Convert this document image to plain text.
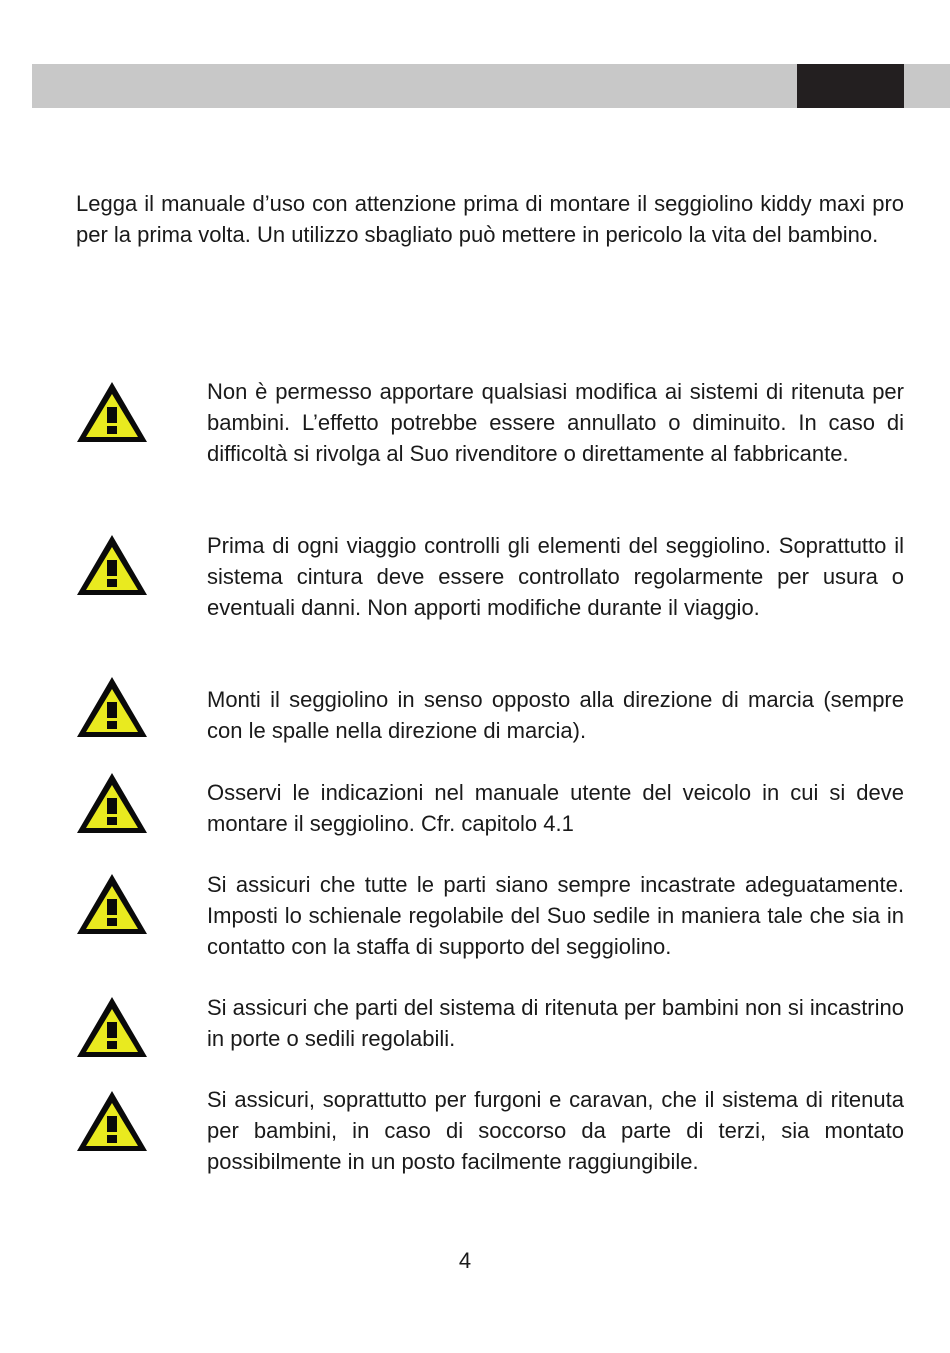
Legga il manuale d’uso con attenzione prima di montare il seggiolino kiddy maxi pro per la prima volta. Un utilizzo sbagliato può mettere in pericolo la vita del bambino.

Non è permesso apportare qualsiasi modifica ai sistemi di ritenuta per bambini. L’effetto potrebbe essere annullato o diminuito. In caso di difficoltà si rivolga al Suo rivenditore o direttamente al fabbricante.

Prima di ogni viaggio controlli gli elementi del seggiolino. Soprattutto il sistema cintura deve essere controllato regolarmente per usura o eventuali danni. Non apporti modifiche durante il viaggio.

Monti il seggiolino in senso opposto alla direzione di marcia (sempre con le spalle nella direzione di marcia).

Osservi le indicazioni nel manuale utente del veicolo in cui si deve montare il seggiolino. Cfr. capitolo 4.1

Si assicuri che tutte le parti siano sempre incastrate adeguatamente. Imposti lo schienale regolabile del Suo sedile in maniera tale che sia in contatto con la staffa di supporto del seggiolino.

Si assicuri che parti del sistema di ritenuta per bambini non si incastrino in porte o sedili regolabili.

Si assicuri, soprattutto per furgoni e caravan, che il sistema di ritenuta per bambini, in caso di soccorso da parte di terzi, sia montato possibilmente in un posto facilmente raggiungibile.

4
